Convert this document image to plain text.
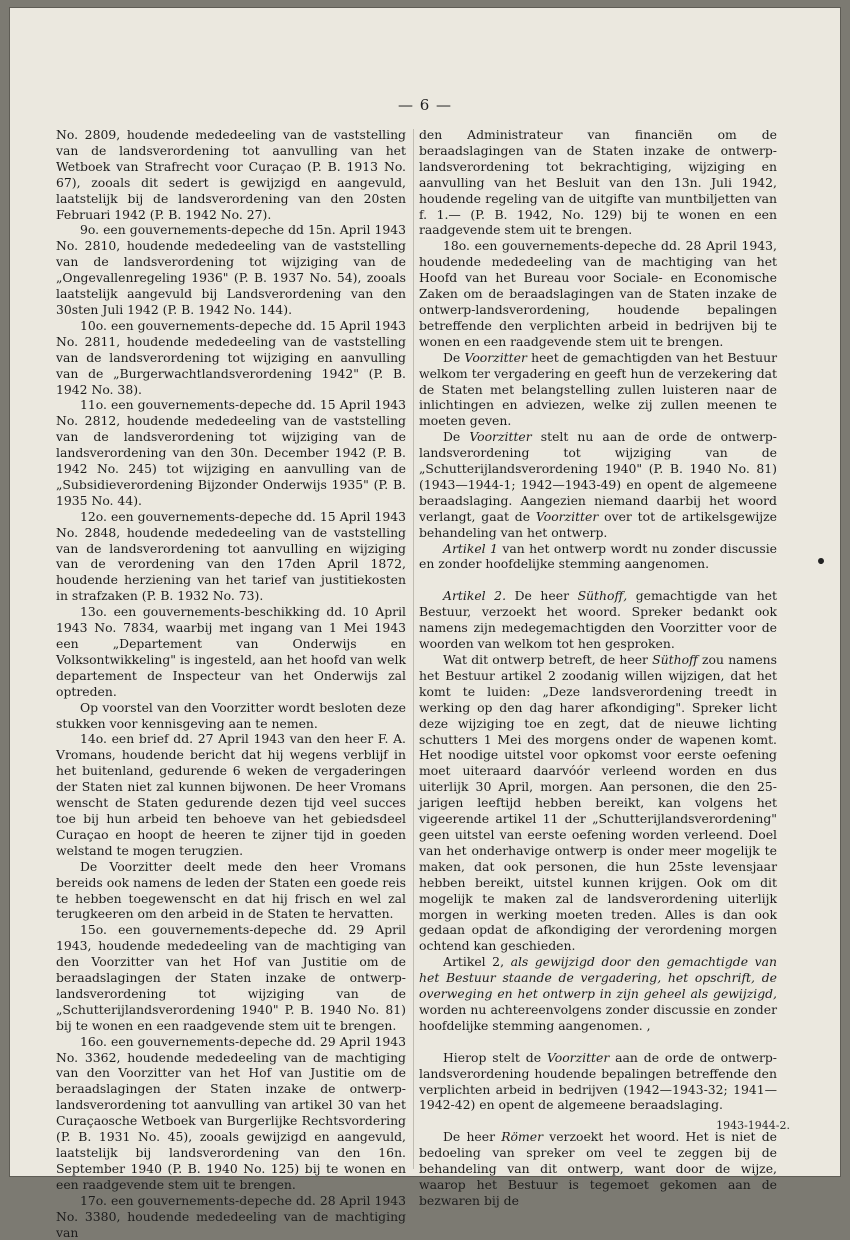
— 6 —

No. 2809, houdende mededeeling van de vaststelling van de landsverordening tot aanvulling van het Wetboek van Strafrecht voor Curaçao (P. B. 1913 No. 67), zooals dit sedert is gewijzigd en aangevuld, laatstelijk bij de landsverordening van den 20sten Februari 1942 (P. B. 1942 No. 27).

9o. een gouvernements-depeche dd 15n. April 1943 No. 2810, houdende mededeeling van de vaststelling van de landsverordening tot wijziging van de „Ongevallenregeling 1936" (P. B. 1937 No. 54), zooals laatstelijk aangevuld bij Landsverordening van den 30sten Juli 1942 (P. B. 1942 No. 144).

10o. een gouvernements-depeche dd. 15 April 1943 No. 2811, houdende mededeeling van de vaststelling van de landsverordening tot wijziging en aanvulling van de „Burgerwachtlandsverordening 1942" (P. B. 1942 No. 38).

11o. een gouvernements-depeche dd. 15 April 1943 No. 2812, houdende mededeeling van de vaststelling van de landsverordening tot wijziging van de landsverordening van den 30n. December 1942 (P. B. 1942 No. 245) tot wijziging en aanvulling van de „Subsidieverordening Bijzonder Onderwijs 1935" (P. B. 1935 No. 44).

12o. een gouvernements-depeche dd. 15 April 1943 No. 2848, houdende mededeeling van de vaststelling van de landsverordening tot aanvulling en wijziging van de verordening van den 17den April 1872, houdende herziening van het tarief van justitiekosten in strafzaken (P. B. 1932 No. 73).

13o. een gouvernements-beschikking dd. 10 April 1943 No. 7834, waarbij met ingang van 1 Mei 1943 een „Departement van Onderwijs en Volksontwikkeling" is ingesteld, aan het hoofd van welk departement de Inspecteur van het Onderwijs zal optreden.

Op voorstel van den Voorzitter wordt besloten deze stukken voor kennisgeving aan te nemen.

14o. een brief dd. 27 April 1943 van den heer F. A. Vromans, houdende bericht dat hij wegens verblijf in het buitenland, gedurende 6 weken de vergaderingen der Staten niet zal kunnen bijwonen. De heer Vromans wenscht de Staten gedurende dezen tijd veel succes toe bij hun arbeid ten behoeve van het gebiedsdeel Curaçao en hoopt de heeren te zijner tijd in goeden welstand te mogen terugzien.

De Voorzitter deelt mede den heer Vromans bereids ook namens de leden der Staten een goede reis te hebben toegewenscht en dat hij frisch en wel zal terugkeeren om den arbeid in de Staten te hervatten.

15o. een gouvernements-depeche dd. 29 April 1943, houdende mededeeling van de machtiging van den Voorzitter van het Hof van Justitie om de beraadslagingen der Staten inzake de ontwerp-landsverordening tot wijziging van de „Schutterijlandsverordening 1940" P. B. 1940 No. 81) bij te wonen en een raadgevende stem uit te brengen.

16o. een gouvernements-depeche dd. 29 April 1943 No. 3362, houdende mededeeling van de machtiging van den Voorzitter van het Hof van Justitie om de beraadslagingen der Staten inzake de ontwerp-landsverordening tot aanvulling van artikel 30 van het Curaçaosche Wetboek van Burgerlijke Rechtsvordering (P. B. 1931 No. 45), zooals gewijzigd en aangevuld, laatstelijk bij landsverordening van den 16n. September 1940 (P. B. 1940 No. 125) bij te wonen en een raadgevende stem uit te brengen.

17o. een gouvernements-depeche dd. 28 April 1943 No. 3380, houdende mededeeling van de machtiging van

den Administrateur van financiën om de beraadslagingen van de Staten inzake de ontwerp-landsverordening tot bekrachtiging, wijziging en aanvulling van het Besluit van den 13n. Juli 1942, houdende regeling van de uitgifte van muntbiljetten van f. 1.— (P. B. 1942, No. 129) bij te wonen en een raadgevende stem uit te brengen.

18o. een gouvernements-depeche dd. 28 April 1943, houdende mededeeling van de machtiging van het Hoofd van het Bureau voor Sociale- en Economische Zaken om de beraadslagingen van de Staten inzake de ontwerp-landsverordening, houdende bepalingen betreffende den verplichten arbeid in bedrijven bij te wonen en een raadgevende stem uit te brengen.

De Voorzitter heet de gemachtigden van het Bestuur welkom ter vergadering en geeft hun de verzekering dat de Staten met belangstelling zullen luisteren naar de inlichtingen en adviezen, welke zij zullen meenen te moeten geven.

De Voorzitter stelt nu aan de orde de ontwerp-landsverordening tot wijziging van de „Schutterijlandsverordening 1940" (P. B. 1940 No. 81) (1943—1944-1; 1942—1943-49) en opent de algemeene beraadslaging. Aangezien niemand daarbij het woord verlangt, gaat de Voorzitter over tot de artikelsgewijze behandeling van het ontwerp.

Artikel 1 van het ontwerp wordt nu zonder discussie en zonder hoofdelijke stemming aangenomen.

Artikel 2. De heer Süthoff, gemachtigde van het Bestuur, verzoekt het woord. Spreker bedankt ook namens zijn medegemachtigden den Voorzitter voor de woorden van welkom tot hen gesproken.

Wat dit ontwerp betreft, de heer Süthoff zou namens het Bestuur artikel 2 zoodanig willen wijzigen, dat het komt te luiden: „Deze landsverordening treedt in werking op den dag harer afkondiging". Spreker licht deze wijziging toe en zegt, dat de nieuwe lichting schutters 1 Mei des morgens onder de wapenen komt. Het noodige uitstel voor opkomst voor eerste oefening moet uiteraard daarvóór verleend worden en dus uiterlijk 30 April, morgen. Aan personen, die den 25-jarigen leeftijd hebben bereikt, kan volgens het vigeerende artikel 11 der „Schutterijlandsverordening" geen uitstel van eerste oefening worden verleend. Doel van het onderhavige ontwerp is onder meer mogelijk te maken, dat ook personen, die hun 25ste levensjaar hebben bereikt, uitstel kunnen krijgen. Ook om dit mogelijk te maken zal de landsverordening uiterlijk morgen in werking moeten treden. Alles is dan ook gedaan opdat de afkondiging der verordening morgen ochtend kan geschieden.

Artikel 2, als gewijzigd door den gemachtigde van het Bestuur staande de vergadering, het opschrift, de overweging en het ontwerp in zijn geheel als gewijzigd, worden nu achtereenvolgens zonder discussie en zonder hoofdelijke stemming aangenomen. ,

Hierop stelt de Voorzitter aan de orde de ontwerp-landsverordening houdende bepalingen betreffende den verplichten arbeid in bedrijven (1942—1943-32; 1941—1942-42) en opent de algemeene beraadslaging.

De heer Römer verzoekt het woord. Het is niet de bedoeling van spreker om veel te zeggen bij de behandeling van dit ontwerp, want door de wijze, waarop het Bestuur is tegemoet gekomen aan de bezwaren bij de

1943-1944-2.
